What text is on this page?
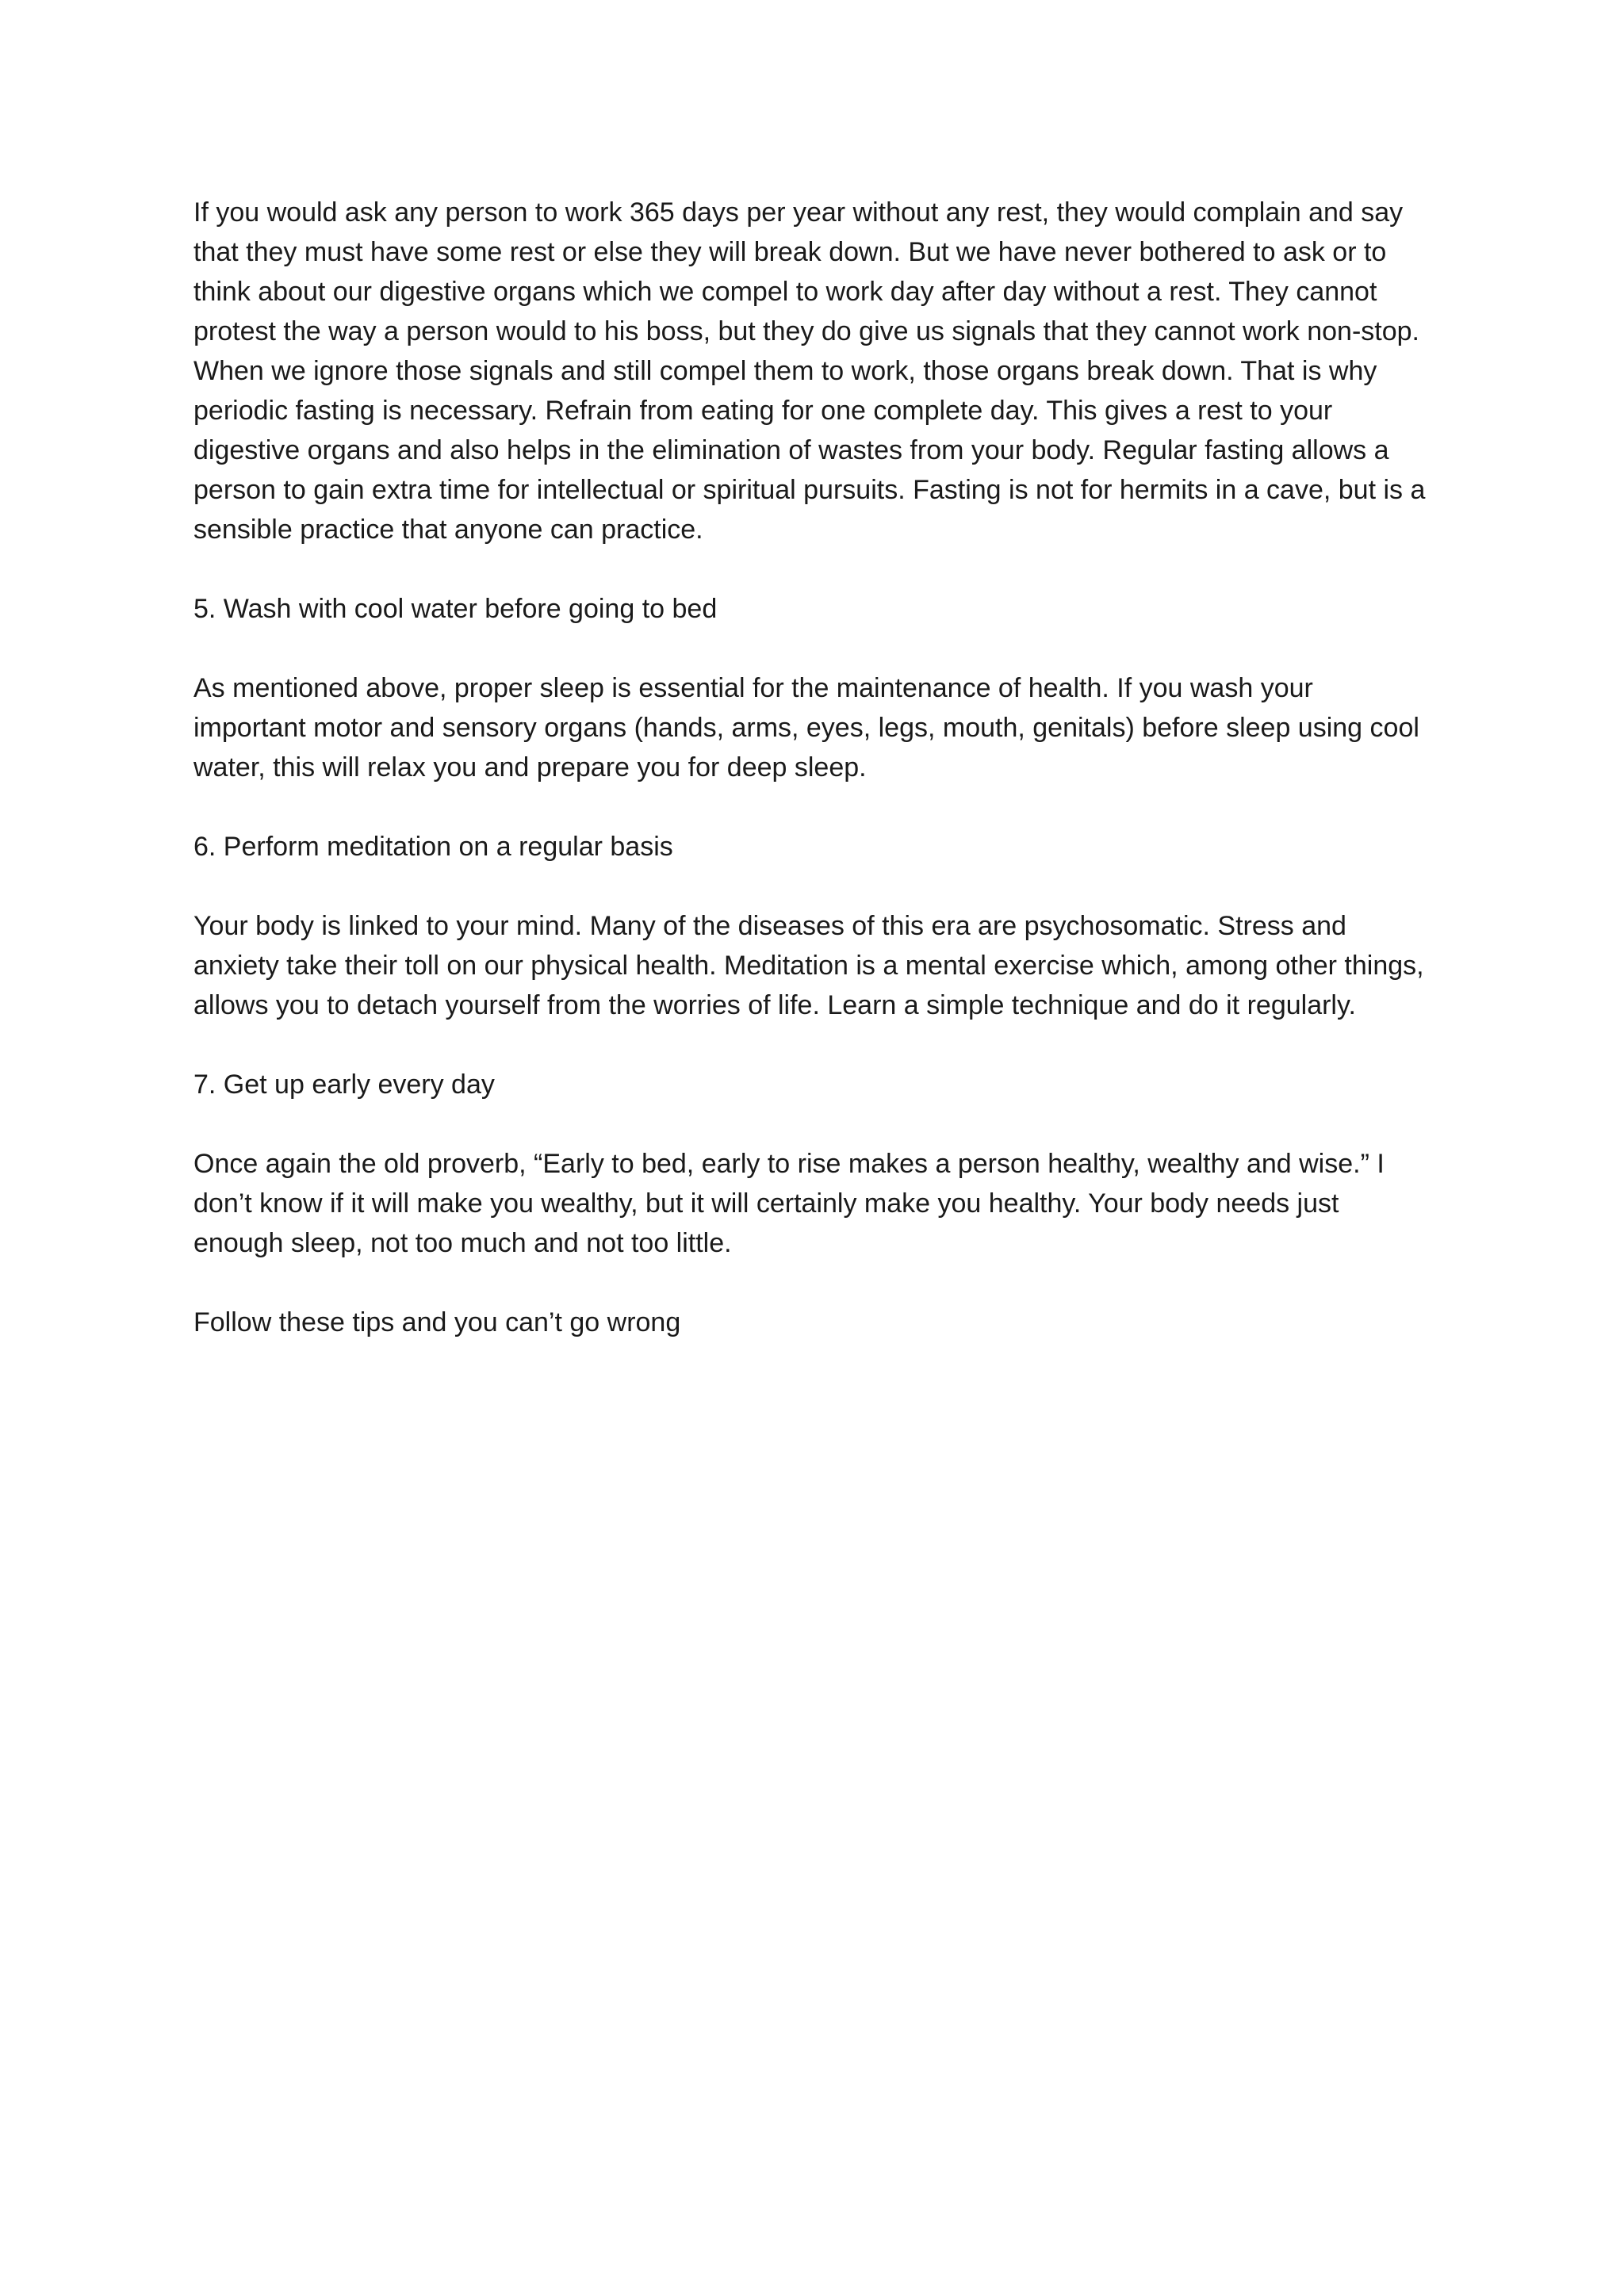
If you would ask any person to work 365 days per year without any rest, they would complain and say that they must have some rest or else they will break down. But we have never bothered to ask or to think about our digestive organs which we compel to work day after day without a rest. They cannot protest the way a person would to his boss, but they do give us signals that they cannot work non-stop. When we ignore those signals and still compel them to work, those organs break down. That is why periodic fasting is necessary. Refrain from eating for one complete day. This gives a rest to your digestive organs and also helps in the elimination of wastes from your body. Regular fasting allows a person to gain extra time for intellectual or spiritual pursuits. Fasting is not for hermits in a cave, but is a sensible practice that anyone can practice.

5. Wash with cool water before going to bed

As mentioned above, proper sleep is essential for the maintenance of health. If you wash your important motor and sensory organs (hands, arms, eyes, legs, mouth, genitals) before sleep using cool water, this will relax you and prepare you for deep sleep.

6. Perform meditation on a regular basis

Your body is linked to your mind. Many of the diseases of this era are psychosomatic. Stress and anxiety take their toll on our physical health. Meditation is a mental exercise which, among other things, allows you to detach yourself from the worries of life. Learn a simple technique and do it regularly.

7. Get up early every day

Once again the old proverb, “Early to bed, early to rise makes a person healthy, wealthy and wise.” I don’t know if it will make you wealthy, but it will certainly make you healthy. Your body needs just enough sleep, not too much and not too little.

Follow these tips and you can’t go wrong
